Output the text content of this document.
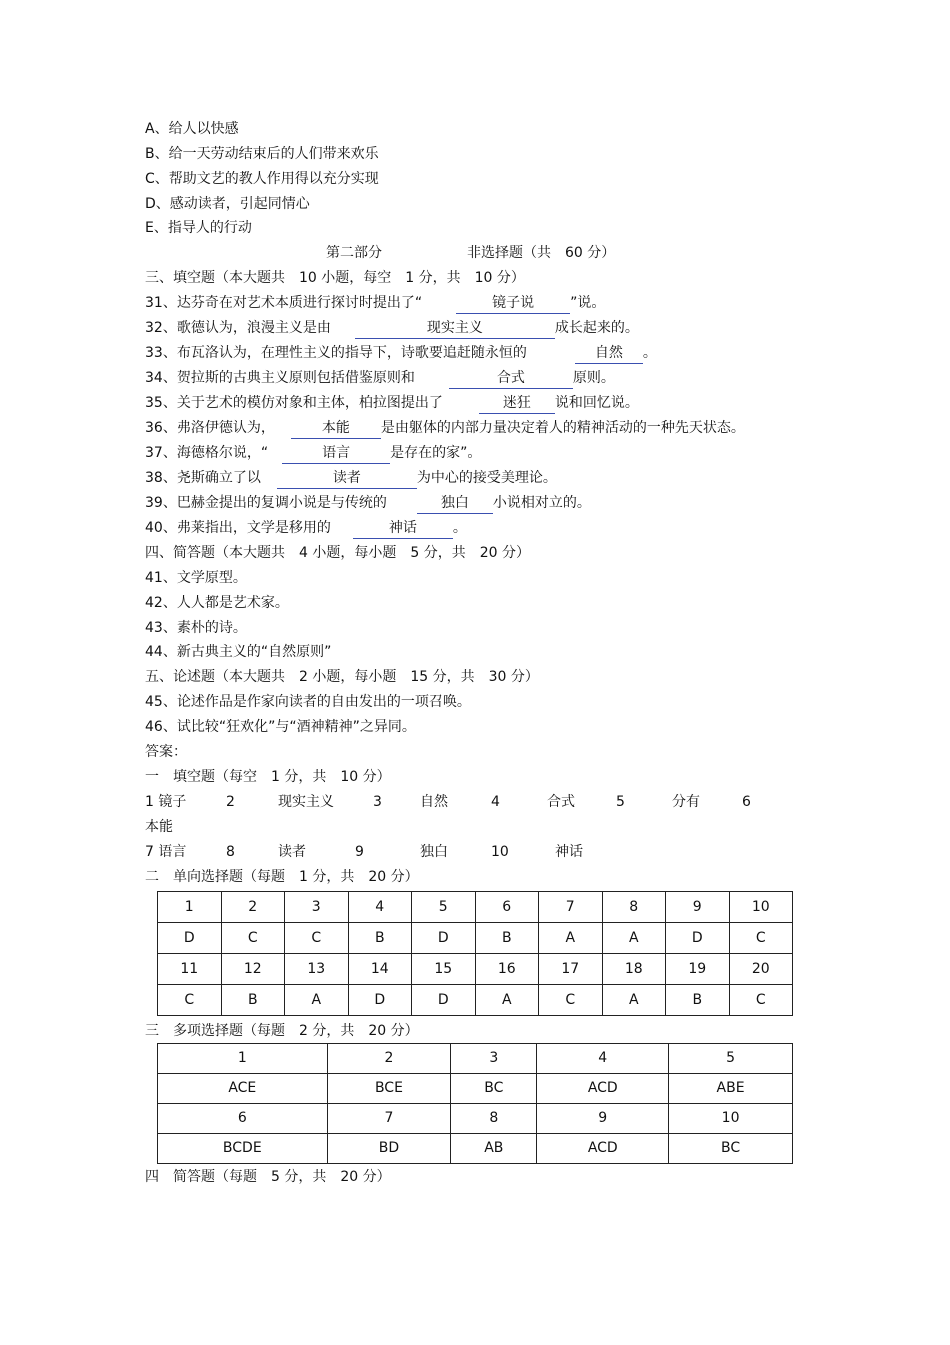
A、给人以快感
B、给一天劳动结束后的人们带来欢乐
C、帮助文艺的教人作用得以充分实现
D、感动读者，引起同情心
E、指导人的行动
第二部分	非选择题（共　60 分）
三、填空题（本大题共　10 小题，每空　1 分，共　10 分）
31、达芬奇在对艺术本质进行探讨时提出了“	镜子说	”说。
32、歌德认为，浪漫主义是由	现实主义	成长起来的。
33、布瓦洛认为，在理性主义的指导下，诗歌要追赶随永恒的	自然 。
34、贺拉斯的古典主义原则包括借鉴原则和	合式	原则。
35、关于艺术的模仿对象和主体，柏拉图提出了	迷狂 说和回忆说。
36、弗洛伊德认为，	本能 是由躯体的内部力量决定着人的精神活动的一种先天状态。
37、海德格尔说，“	语言	是存在的家”。
38、尧斯确立了以	读者	为中心的接受美理论。
39、巴赫金提出的复调小说是与传统的	独白 小说相对立的。
40、弗莱指出，文学是移用的	神话	。
四、简答题（本大题共　4 小题，每小题　5 分，共　20 分）
41、文学原型。
42、人人都是艺术家。
43、素朴的诗。
44、新古典主义的“自然原则”
五、论述题（本大题共　2 小题，每小题　15 分，共　30 分）
45、论述作品是作家向读者的自由发出的一项召唤。
46、试比较“狂欢化”与“酒神精神”之异同。
答案：
一　填空题（每空　1 分，共　10 分）
1 镜子	2	现实主义	3	自然	4	合式	5	分有	6
本能
7 语言	8	读者	9	独白	10	神话
二　单向选择题（每题　1 分，共　20 分）
1	2	3	4	5	6	7	8	9	10
D	C	C	B	D	B	A	A	D	C
11	12	13	14	15	16	17	18	19	20
C	B	A	D	D	A	C	A	B	C
三　多项选择题（每题　2 分，共　20 分）
1	2	3	4	5
ACE	BCE	BC	ACD	ABE
6	7	8	9	10
BCDE	BD	AB	ACD	BC
四　简答题（每题　5 分，共　20 分）
